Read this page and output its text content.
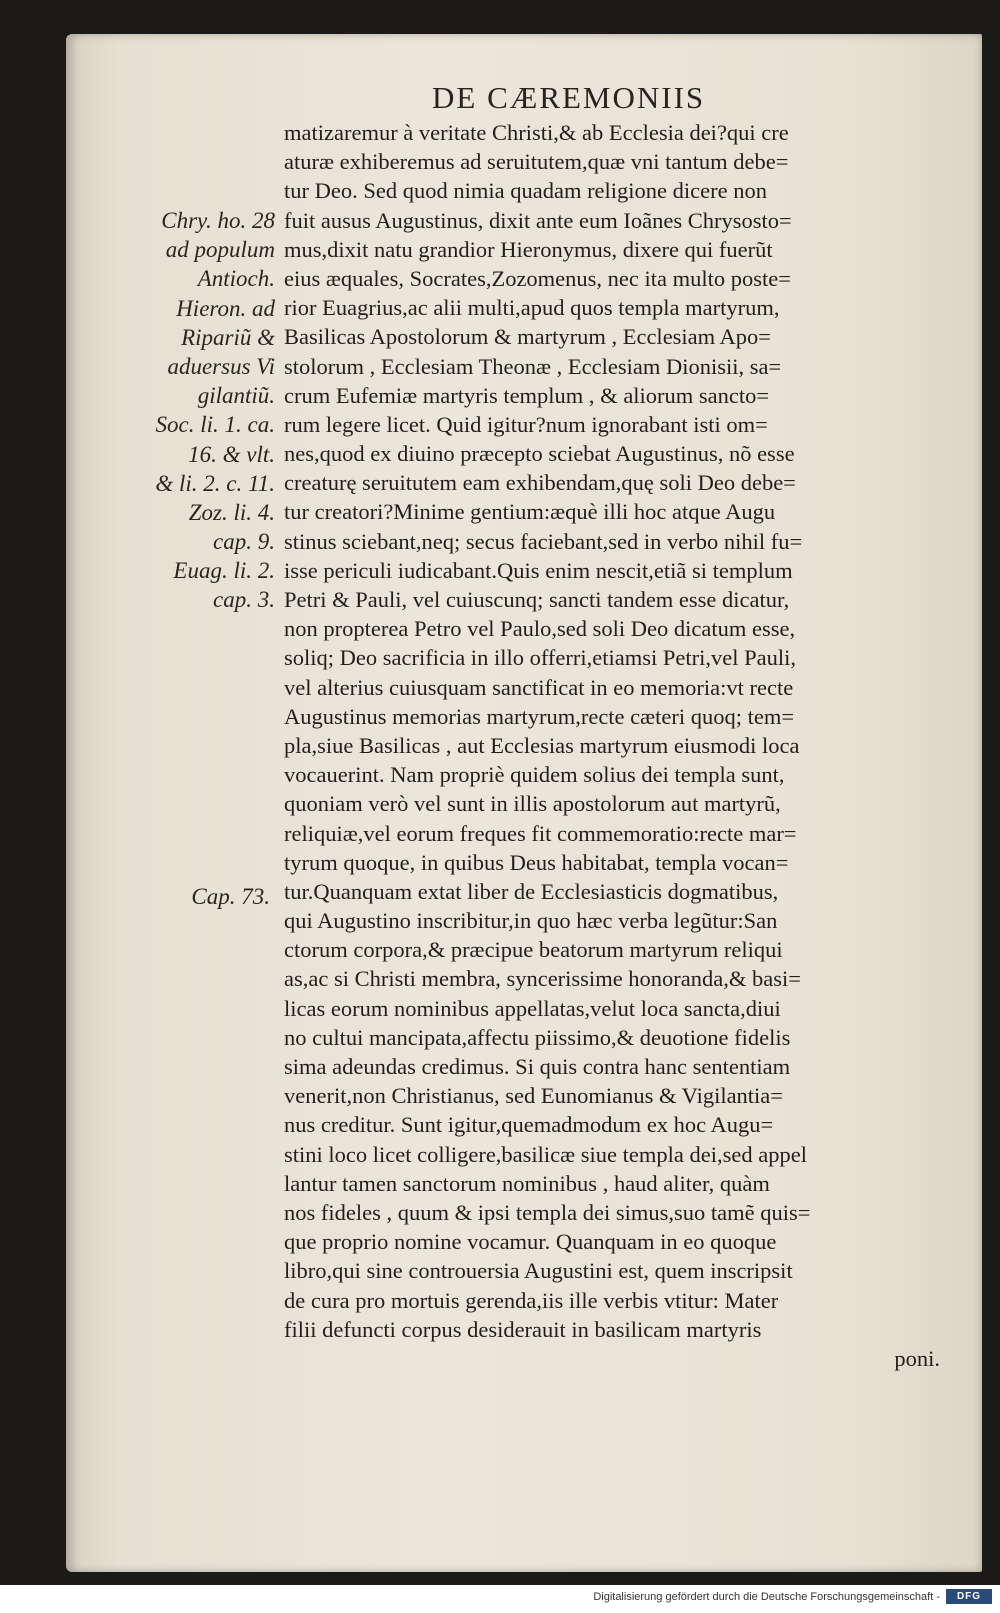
DE CÆREMONIIS
Chry. ho. 28
ad populum
Antioch.
Hieron. ad
Ripariũ &
aduersus Vi
gilantiũ.
Soc. li. 1. ca.
16. & vlt.
& li. 2. c. 11.
Zoz. li. 4.
cap. 9.
Euag. li. 2.
cap. 3.
Cap. 73.
matizaremur à veritate Christi,& ab Ecclesia dei?qui cre
aturæ exhiberemus ad seruitutem,quæ vni tantum debe=
tur Deo. Sed quod nimia quadam religione dicere non
fuit ausus Augustinus, dixit ante eum Ioãnes Chrysosto=
mus,dixit natu grandior Hieronymus, dixere qui fuerũt
eius æquales, Socrates,Zozomenus, nec ita multo poste=
rior Euagrius,ac alii multi,apud quos templa martyrum,
Basilicas Apostolorum & martyrum , Ecclesiam Apo=
stolorum , Ecclesiam Theonæ , Ecclesiam Dionisii, sa=
crum Eufemiæ martyris templum , & aliorum sancto=
rum legere licet. Quid igitur?num ignorabant isti om=
nes,quod ex diuino præcepto sciebat Augustinus, nõ esse
creaturę seruitutem eam exhibendam,quę soli Deo debe=
tur creatori?Minime gentium:æquè illi hoc atque Augu
stinus sciebant,neq; secus faciebant,sed in verbo nihil fu=
isse periculi iudicabant.Quis enim nescit,etiã si templum
Petri & Pauli, vel cuiuscunq; sancti tandem esse dicatur,
non propterea Petro vel Paulo,sed soli Deo dicatum esse,
soliq; Deo sacrificia in illo offerri,etiamsi Petri,vel Pauli,
vel alterius cuiusquam sanctificat in eo memoria:vt recte
Augustinus memorias martyrum,recte cæteri quoq; tem=
pla,siue Basilicas , aut Ecclesias martyrum eiusmodi loca
vocauerint. Nam propriè quidem solius dei templa sunt,
quoniam verò vel sunt in illis apostolorum aut martyrũ,
reliquiæ,vel eorum freques fit commemoratio:recte mar=
tyrum quoque, in quibus Deus habitabat, templa vocan=
tur.Quanquam extat liber de Ecclesiasticis dogmatibus,
qui Augustino inscribitur,in quo hæc verba legũtur:San
ctorum corpora,& præcipue beatorum martyrum reliqui
as,ac si Christi membra, syncerissime honoranda,& basi=
licas eorum nominibus appellatas,velut loca sancta,diui
no cultui mancipata,affectu piissimo,& deuotione fidelis
sima adeundas credimus. Si quis contra hanc sententiam
venerit,non Christianus, sed Eunomianus & Vigilantia=
nus creditur. Sunt igitur,quemadmodum ex hoc Augu=
stini loco licet colligere,basilicæ siue templa dei,sed appel
lantur tamen sanctorum nominibus , haud aliter, quàm
nos fideles , quum & ipsi templa dei simus,suo tamẽ quis=
que proprio nomine vocamur. Quanquam in eo quoque
libro,qui sine controuersia Augustini est, quem inscripsit
de cura pro mortuis gerenda,iis ille verbis vtitur: Mater
filii defuncti corpus desiderauit in basilicam martyris
poni.
Digitalisierung gefördert durch die Deutsche Forschungsgemeinschaft -	DFG
